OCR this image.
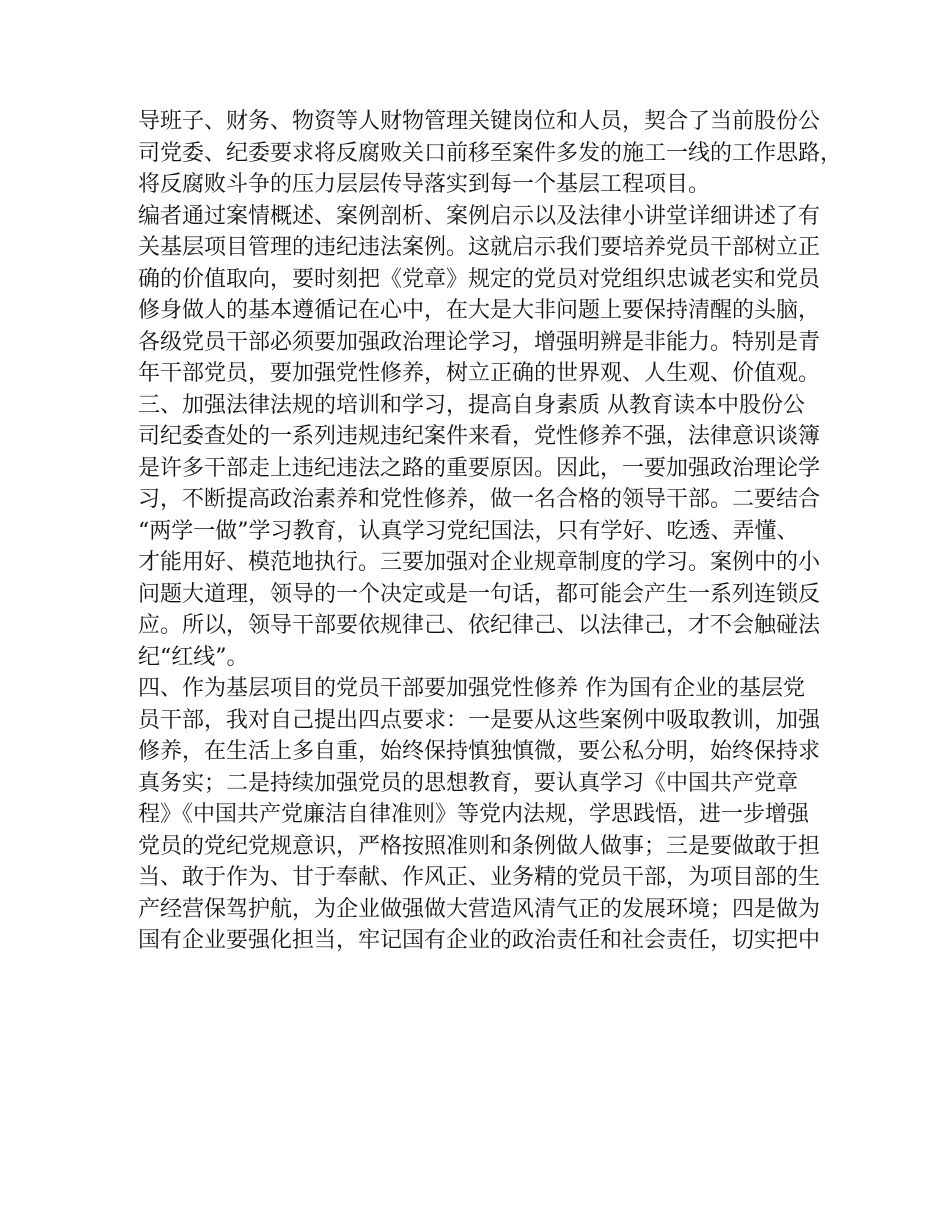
导班子、财务、物资等人财物管理关键岗位和人员，契合了当前股份公
司党委、纪委要求将反腐败关口前移至案件多发的施工一线的工作思路，
将反腐败斗争的压力层层传导落实到每一个基层工程项目。
编者通过案情概述、案例剖析、案例启示以及法律小讲堂详细讲述了有
关基层项目管理的违纪违法案例。这就启示我们要培养党员干部树立正
确的价值取向，要时刻把《党章》规定的党员对党组织忠诚老实和党员
修身做人的基本遵循记在心中，在大是大非问题上要保持清醒的头脑，
各级党员干部必须要加强政治理论学习，增强明辨是非能力。特别是青
年干部党员，要加强党性修养，树立正确的世界观、人生观、价值观。
三、加强法律法规的培训和学习，提高自身素质 从教育读本中股份公
司纪委查处的一系列违规违纪案件来看，党性修养不强，法律意识谈簿
是许多干部走上违纪违法之路的重要原因。因此，一要加强政治理论学
习，不断提高政治素养和党性修养，做一名合格的领导干部。二要结合
“两学一做”学习教育，认真学习党纪国法，只有学好、吃透、弄懂、
才能用好、模范地执行。三要加强对企业规章制度的学习。案例中的小
问题大道理，领导的一个决定或是一句话，都可能会产生一系列连锁反
应。所以，领导干部要依规律己、依纪律己、以法律己，才不会触碰法
纪“红线”。
四、作为基层项目的党员干部要加强党性修养 作为国有企业的基层党
员干部，我对自己提出四点要求：一是要从这些案例中吸取教训，加强
修养，在生活上多自重，始终保持慎独慎微，要公私分明，始终保持求
真务实；二是持续加强党员的思想教育，要认真学习《中国共产党章
程》《中国共产党廉洁自律准则》等党内法规，学思践悟，进一步增强
党员的党纪党规意识，严格按照准则和条例做人做事；三是要做敢于担
当、敢于作为、甘于奉献、作风正、业务精的党员干部，为项目部的生
产经营保驾护航，为企业做强做大营造风清气正的发展环境；四是做为
国有企业要强化担当，牢记国有企业的政治责任和社会责任，切实把中
